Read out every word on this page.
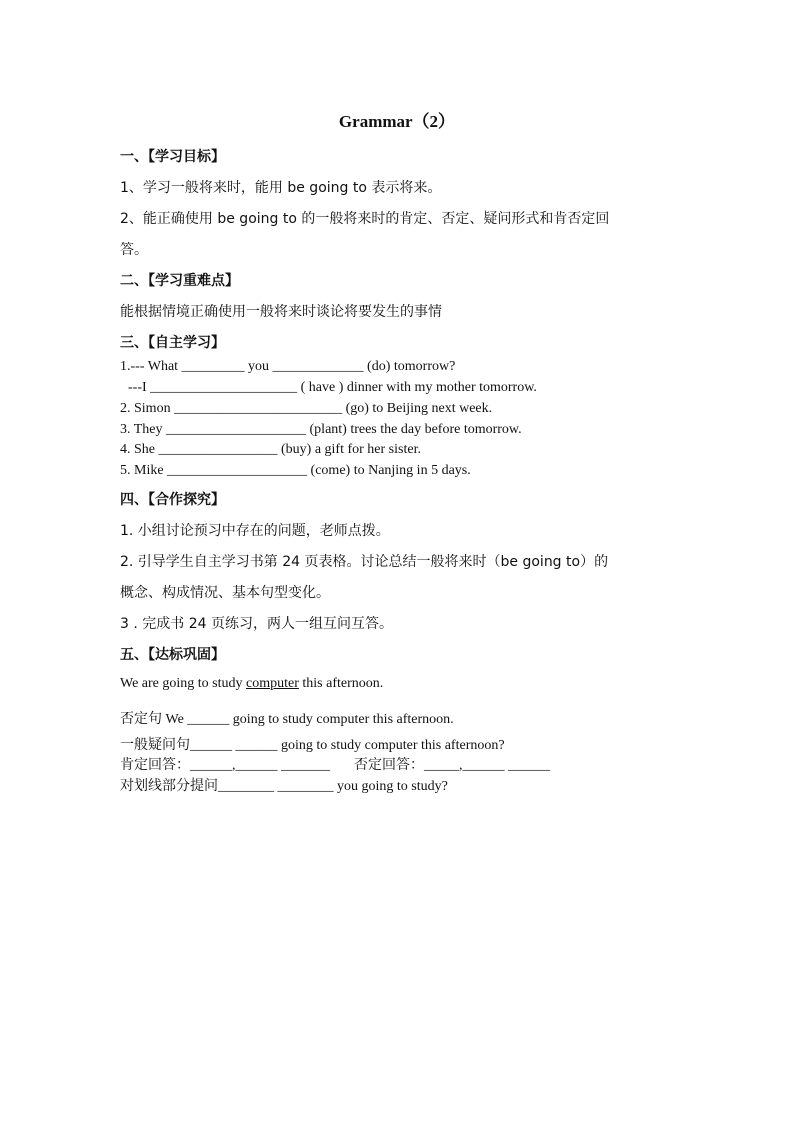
Grammar（2）
一、【学习目标】
1、学习一般将来时，能用 be going to 表示将来。
2、能正确使用 be going to 的一般将来时的肯定、否定、疑问形式和肯否定回
答。
二、【学习重难点】
能根据情境正确使用一般将来时谈论将要发生的事情
三、【自主学习】
1.--- What _________ you _____________ (do) tomorrow?
---I _____________________ ( have ) dinner with my mother tomorrow.
2. Simon ________________________ (go) to Beijing next week.
3. They ____________________ (plant) trees the day before tomorrow.
4. She _________________ (buy) a gift for her sister.
5. Mike ____________________ (come) to Nanjing in 5 days.
四、【合作探究】
1. 小组讨论预习中存在的问题，老师点拨。
2. 引导学生自主学习书第 24 页表格。讨论总结一般将来时（be going to）的
概念、构成情况、基本句型变化。
3 . 完成书 24 页练习，两人一组互问互答。
五、【达标巩固】
We are going to study computer this afternoon.
否定句 We ______ going to study computer this afternoon.
一般疑问句______ ______ going to study computer this afternoon?
肯定回答：______,______ _______ 否定回答：_____,______ ______
对划线部分提问________ ________ you going to study?
